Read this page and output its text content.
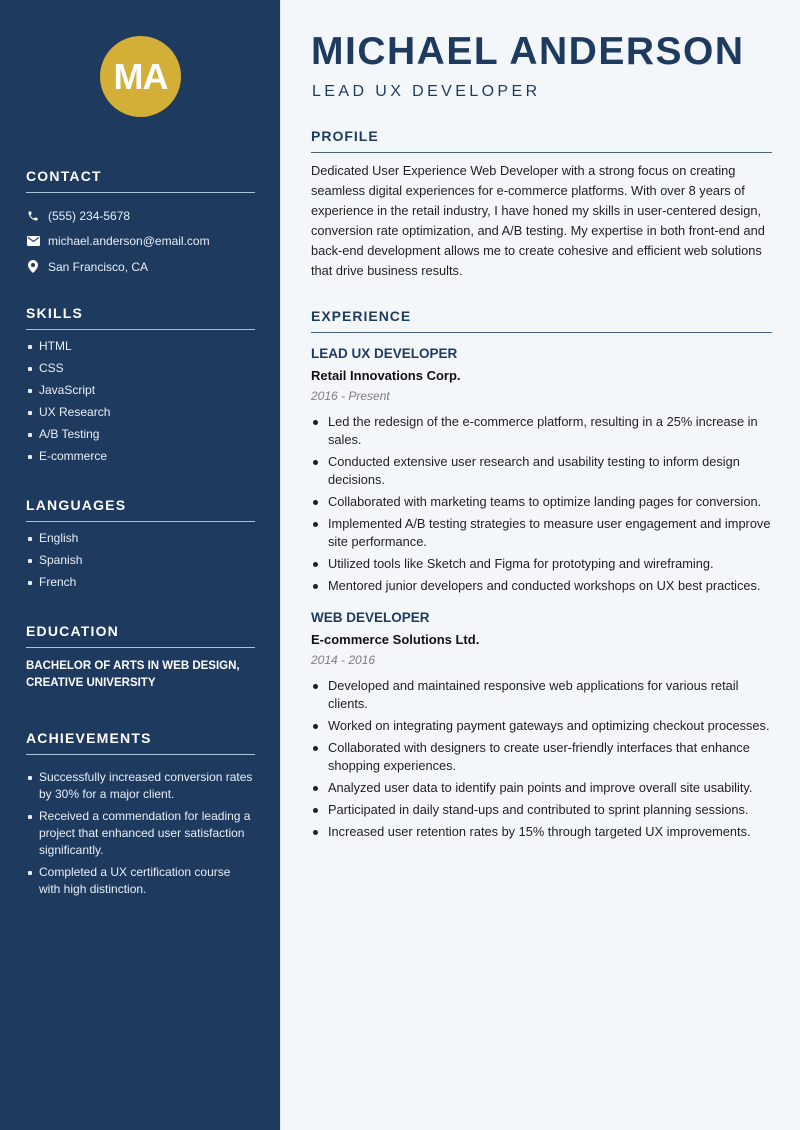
MA
CONTACT
(555) 234-5678
michael.anderson@email.com
San Francisco, CA
SKILLS
HTML
CSS
JavaScript
UX Research
A/B Testing
E-commerce
LANGUAGES
English
Spanish
French
EDUCATION
BACHELOR OF ARTS IN WEB DESIGN, CREATIVE UNIVERSITY
ACHIEVEMENTS
Successfully increased conversion rates by 30% for a major client.
Received a commendation for leading a project that enhanced user satisfaction significantly.
Completed a UX certification course with high distinction.
MICHAEL ANDERSON
LEAD UX DEVELOPER
PROFILE

Dedicated User Experience Web Developer with a strong focus on creating seamless digital experiences for e-commerce platforms. With over 8 years of experience in the retail industry, I have honed my skills in user-centered design, conversion rate optimization, and A/B testing. My expertise in both front-end and back-end development allows me to create cohesive and efficient web solutions that drive business results.

EXPERIENCE
LEAD UX DEVELOPER
Retail Innovations Corp.
2016 - Present
Led the redesign of the e-commerce platform, resulting in a 25% increase in sales.
Conducted extensive user research and usability testing to inform design decisions.
Collaborated with marketing teams to optimize landing pages for conversion.
Implemented A/B testing strategies to measure user engagement and improve site performance.
Utilized tools like Sketch and Figma for prototyping and wireframing.
Mentored junior developers and conducted workshops on UX best practices.
WEB DEVELOPER
E-commerce Solutions Ltd.
2014 - 2016
Developed and maintained responsive web applications for various retail clients.
Worked on integrating payment gateways and optimizing checkout processes.
Collaborated with designers to create user-friendly interfaces that enhance shopping experiences.
Analyzed user data to identify pain points and improve overall site usability.
Participated in daily stand-ups and contributed to sprint planning sessions.
Increased user retention rates by 15% through targeted UX improvements.
